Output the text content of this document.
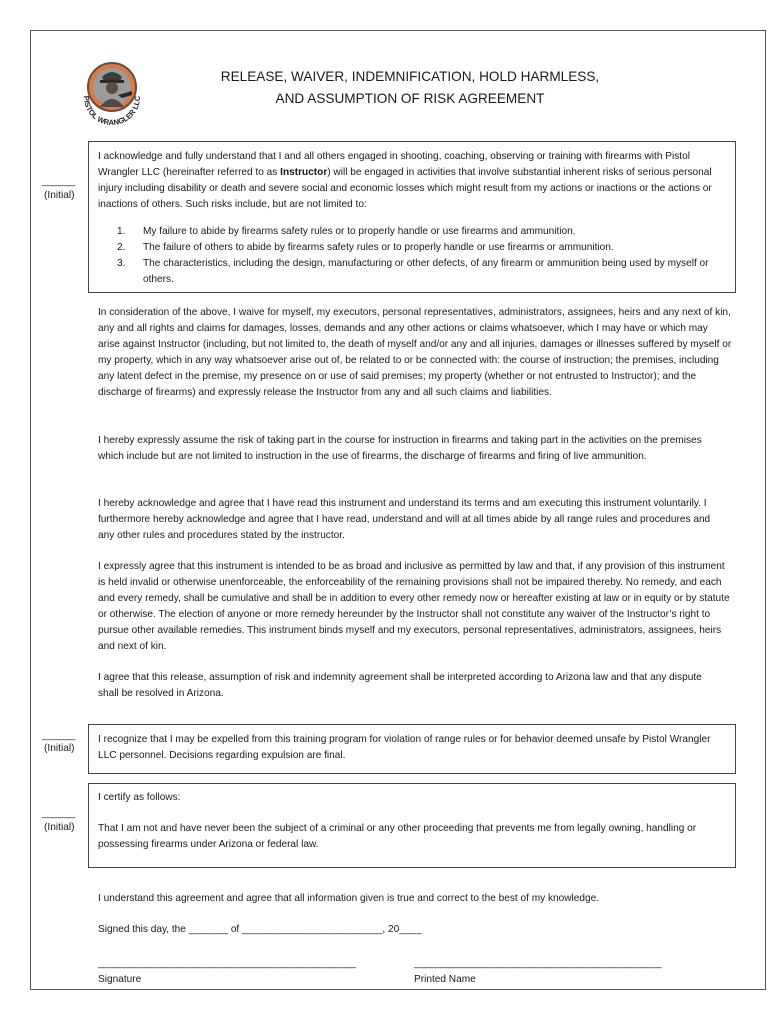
PISTOL WRANGLER LLC
RELEASE, WAIVER, INDEMNIFICATION, HOLD HARMLESS,
AND ASSUMPTION OF RISK AGREEMENT
______
(Initial)
I acknowledge and fully understand that I and all others engaged in shooting, coaching, observing or training with firearms with Pistol Wrangler LLC (hereinafter referred to as Instructor) will be engaged in activities that involve substantial inherent risks of serious personal injury including disability or death and severe social and economic losses which might result from my actions or inactions or the actions or inactions of others. Such risks include, but are not limited to:
1. My failure to abide by firearms safety rules or to properly handle or use firearms and ammunition.
2. The failure of others to abide by firearms safety rules or to properly handle or use firearms or ammunition.
3. The characteristics, including the design, manufacturing or other defects, of any firearm or ammunition being used by myself or others.
In consideration of the above, I waive for myself, my executors, personal representatives, administrators, assignees, heirs and any next of kin, any and all rights and claims for damages, losses, demands and any other actions or claims whatsoever, which I may have or which may arise against Instructor (including, but not limited to, the death of myself and/or any and all injuries, damages or illnesses suffered by myself or my property, which in any way whatsoever arise out of, be related to or be connected with: the course of instruction; the premises, including any latent defect in the premise, my presence on or use of said premises; my property (whether or not entrusted to Instructor); and the discharge of firearms) and expressly release the Instructor from any and all such claims and liabilities.
I hereby expressly assume the risk of taking part in the course for instruction in firearms and taking part in the activities on the premises which include but are not limited to instruction in the use of firearms, the discharge of firearms and firing of live ammunition.
I hereby acknowledge and agree that I have read this instrument and understand its terms and am executing this instrument voluntarily. I furthermore hereby acknowledge and agree that I have read, understand and will at all times abide by all range rules and procedures and any other rules and procedures stated by the instructor.
I expressly agree that this instrument is intended to be as broad and inclusive as permitted by law and that, if any provision of this instrument is held invalid or otherwise unenforceable, the enforceability of the remaining provisions shall not be impaired thereby. No remedy, and each and every remedy, shall be cumulative and shall be in addition to every other remedy now or hereafter existing at law or in equity or by statute or otherwise. The election of anyone or more remedy hereunder by the Instructor shall not constitute any waiver of the Instructor’s right to pursue other available remedies. This instrument binds myself and my executors, personal representatives, administrators, assignees, heirs and next of kin.
I agree that this release, assumption of risk and indemnity agreement shall be interpreted according to Arizona law and that any dispute shall be resolved in Arizona.
______
(Initial)
I recognize that I may be expelled from this training program for violation of range rules or for behavior deemed unsafe by Pistol Wrangler LLC personnel. Decisions regarding expulsion are final.
______
(Initial)
I certify as follows:
That I am not and have never been the subject of a criminal or any other proceeding that prevents me from legally owning, handling or possessing firearms under Arizona or federal law.
I understand this agreement and agree that all information given is true and correct to the best of my knowledge.
Signed this day, the _______ of _________________________, 20____
_________________________________________________	_______________________________________________
Signature	Printed Name
